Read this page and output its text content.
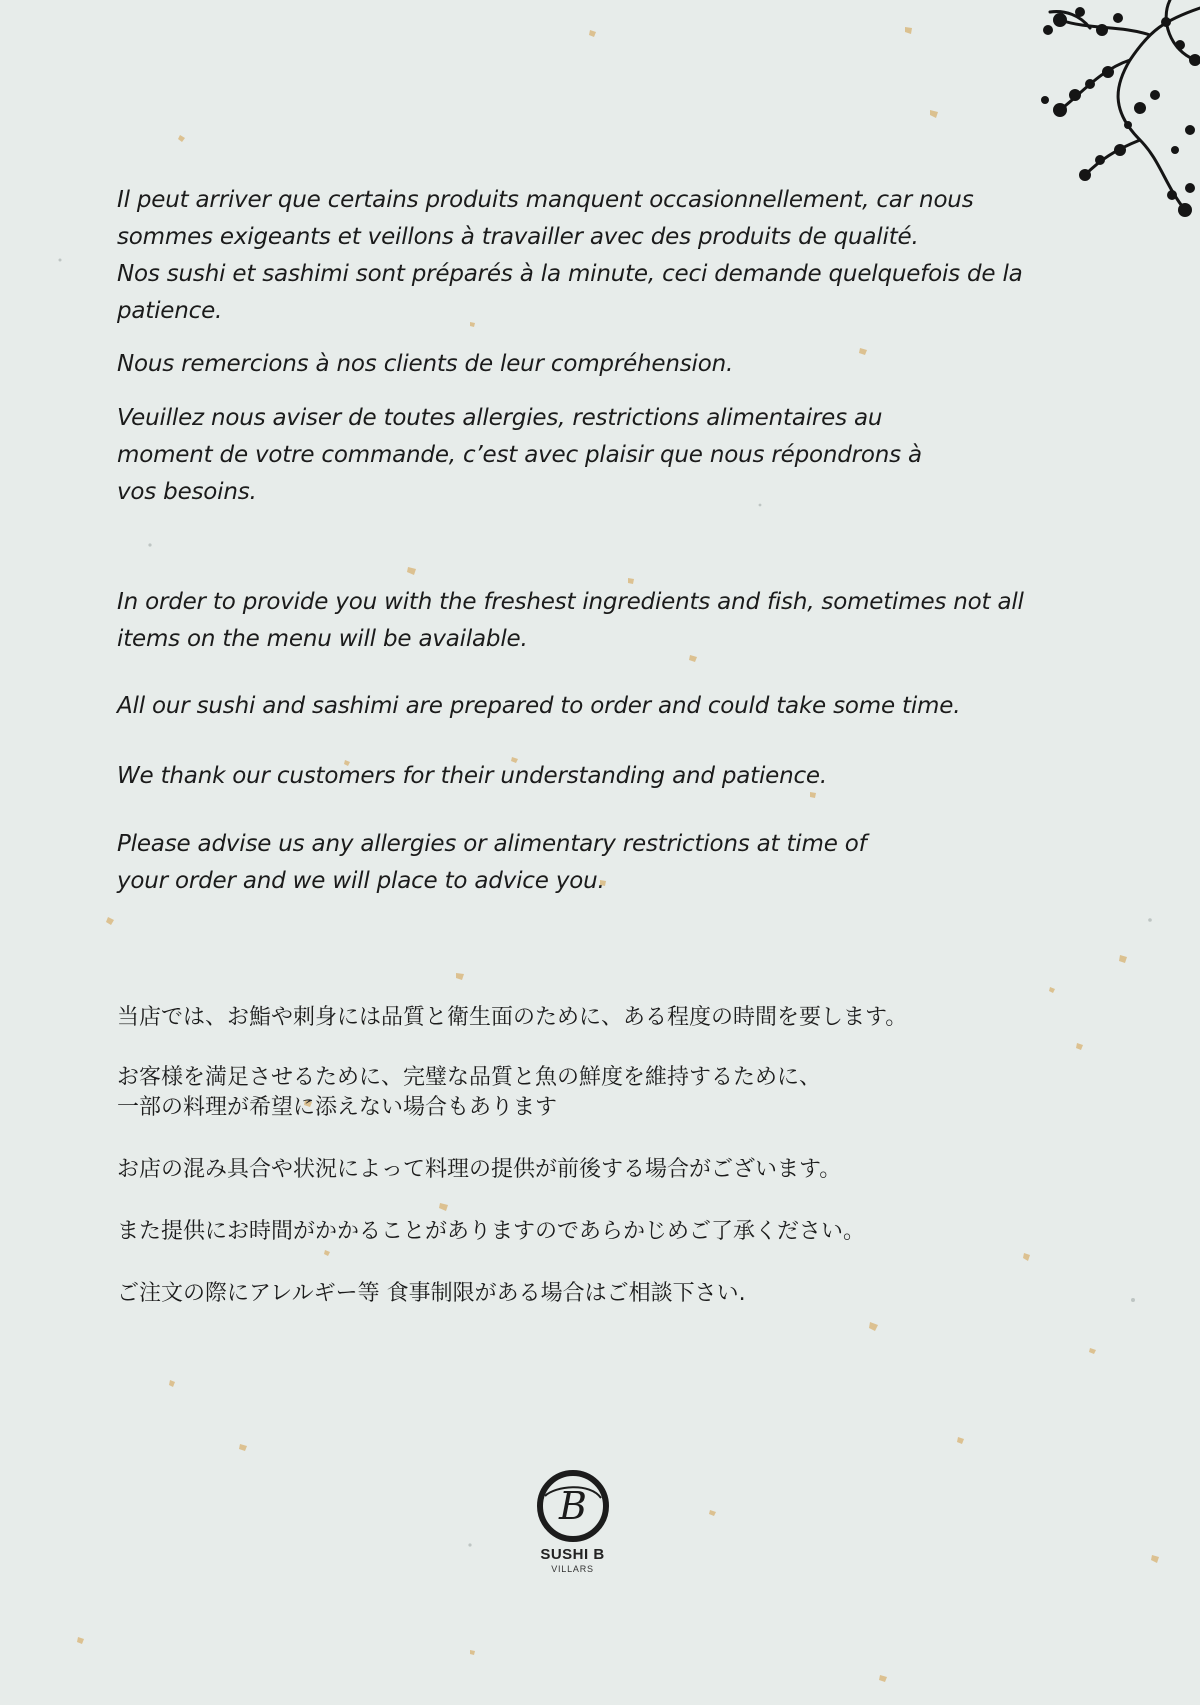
Il peut arriver que certains produits manquent occasionnellement, car nous
sommes exigeants et veillons à travailler avec des produits de qualité.
Nos sushi et sashimi sont préparés à la minute, ceci demande quelquefois de la
patience.

Nous remercions à nos clients de leur compréhension.

Veuillez nous aviser de toutes allergies, restrictions alimentaires au
moment de votre commande, c’est avec plaisir que nous répondrons à
vos besoins.

In order to provide you with the freshest ingredients and fish, sometimes not all
items on the menu will be available.

All our sushi and sashimi are prepared to order and could take some time.

We thank our customers for their understanding and patience.

Please advise us any allergies or alimentary restrictions at time of
your order and we will place to advice you.

当店では、お鮨や刺身には品質と衛生面のために、ある程度の時間を要します。

お客様を満足させるために、完璧な品質と魚の鮮度を維持するために、
一部の料理が希望に添えない場合もあります

お店の混み具合や状況によって料理の提供が前後する場合がございます。

また提供にお時間がかかることがありますのであらかじめご了承ください。

ご注文の際にアレルギー等 食事制限がある場合はご相談下さい.

B
SUSHI B
VILLARS
